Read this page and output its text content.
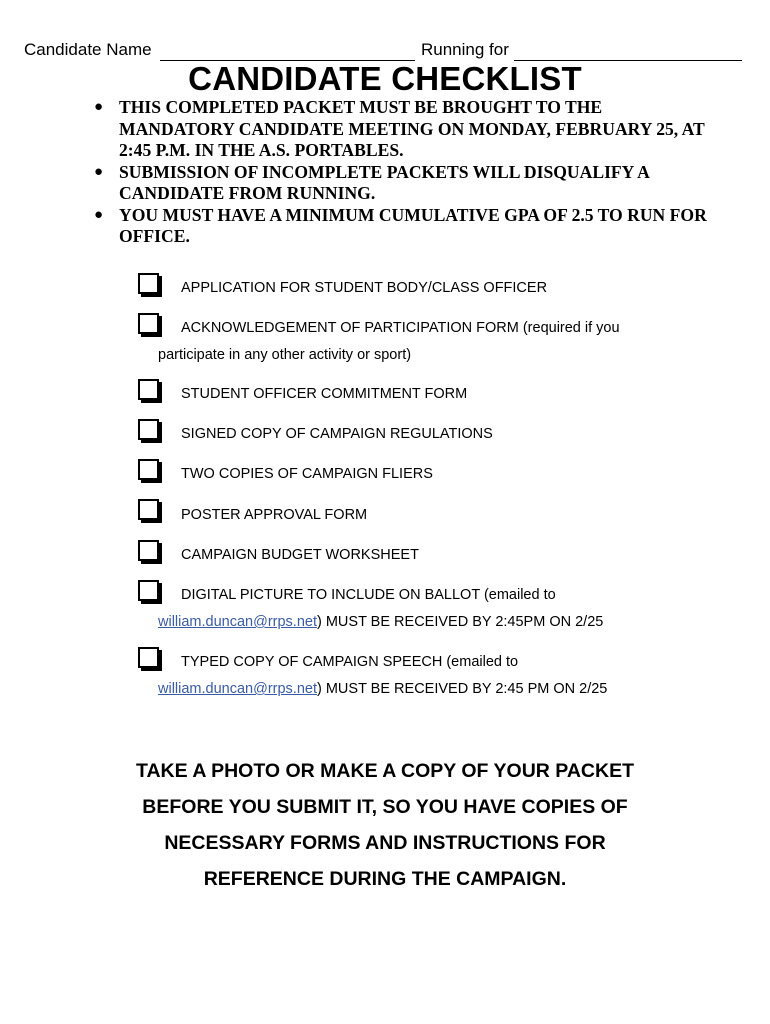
Candidate Name	Running for
CANDIDATE CHECKLIST
● THIS COMPLETED PACKET MUST BE BROUGHT TO THE MANDATORY CANDIDATE MEETING ON MONDAY, FEBRUARY 25, AT 2:45 P.M. IN THE A.S. PORTABLES.
● SUBMISSION OF INCOMPLETE PACKETS WILL DISQUALIFY A CANDIDATE FROM RUNNING.
● YOU MUST HAVE A MINIMUM CUMULATIVE GPA OF 2.5 TO RUN FOR OFFICE.
APPLICATION FOR STUDENT BODY/CLASS OFFICER
ACKNOWLEDGEMENT OF PARTICIPATION FORM (required if you
participate in any other activity or sport)
STUDENT OFFICER COMMITMENT FORM
SIGNED COPY OF CAMPAIGN REGULATIONS
TWO COPIES OF CAMPAIGN FLIERS
POSTER APPROVAL FORM
CAMPAIGN BUDGET WORKSHEET
DIGITAL PICTURE TO INCLUDE ON BALLOT (emailed to
william.duncan@rrps.net) MUST BE RECEIVED BY 2:45PM ON 2/25
TYPED COPY OF CAMPAIGN SPEECH (emailed to
william.duncan@rrps.net) MUST BE RECEIVED BY 2:45 PM ON 2/25
TAKE A PHOTO OR MAKE A COPY OF YOUR PACKET
BEFORE YOU SUBMIT IT, SO YOU HAVE COPIES OF
NECESSARY FORMS AND INSTRUCTIONS FOR
REFERENCE DURING THE CAMPAIGN.
